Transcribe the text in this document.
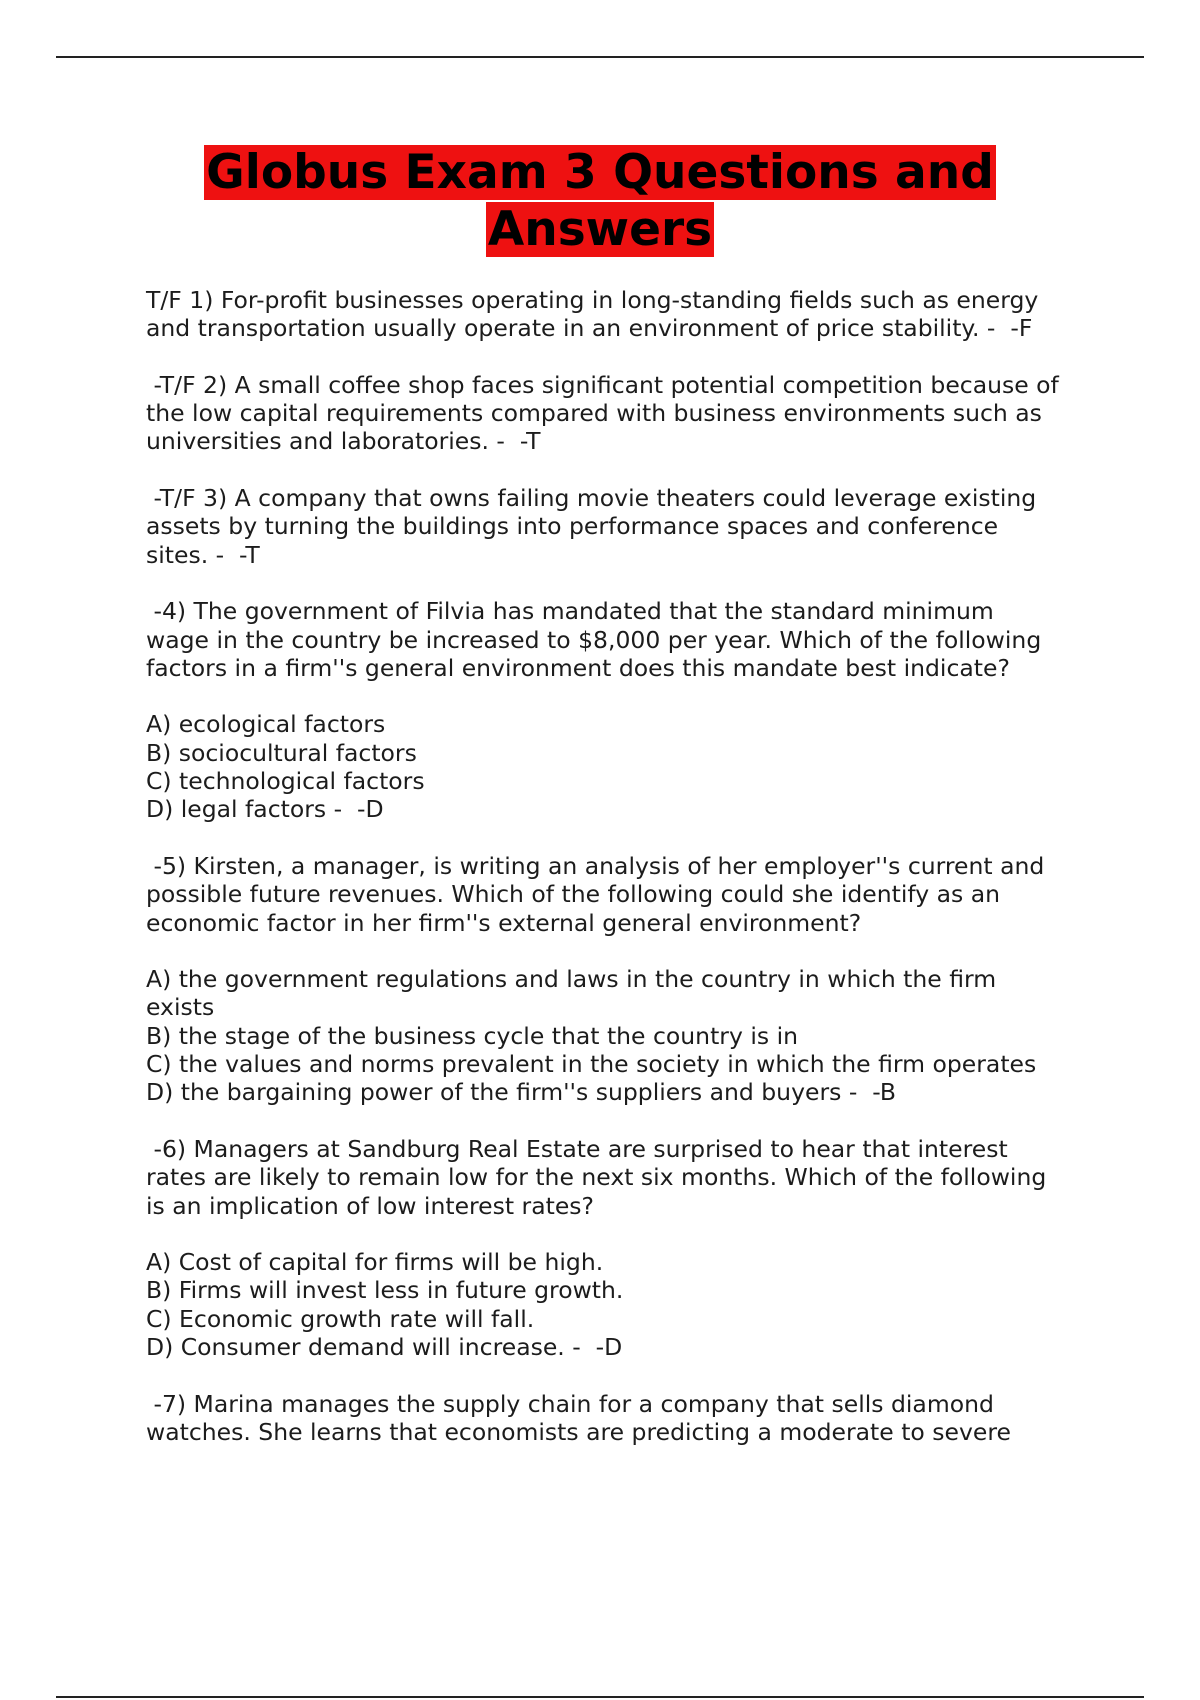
Globus Exam 3 Questions and
Answers
T/F 1) For-profit businesses operating in long-standing fields such as energy
and transportation usually operate in an environment of price stability. -  -F
-T/F 2) A small coffee shop faces significant potential competition because of
the low capital requirements compared with business environments such as
universities and laboratories. -  -T
-T/F 3) A company that owns failing movie theaters could leverage existing
assets by turning the buildings into performance spaces and conference
sites. -  -T
-4) The government of Filvia has mandated that the standard minimum
wage in the country be increased to $8,000 per year. Which of the following
factors in a firm''s general environment does this mandate best indicate?
A) ecological factors
B) sociocultural factors
C) technological factors
D) legal factors -  -D
-5) Kirsten, a manager, is writing an analysis of her employer''s current and
possible future revenues. Which of the following could she identify as an
economic factor in her firm''s external general environment?
A) the government regulations and laws in the country in which the firm
exists
B) the stage of the business cycle that the country is in
C) the values and norms prevalent in the society in which the firm operates
D) the bargaining power of the firm''s suppliers and buyers -  -B
-6) Managers at Sandburg Real Estate are surprised to hear that interest
rates are likely to remain low for the next six months. Which of the following
is an implication of low interest rates?
A) Cost of capital for firms will be high.
B) Firms will invest less in future growth.
C) Economic growth rate will fall.
D) Consumer demand will increase. -  -D
-7) Marina manages the supply chain for a company that sells diamond
watches. She learns that economists are predicting a moderate to severe
